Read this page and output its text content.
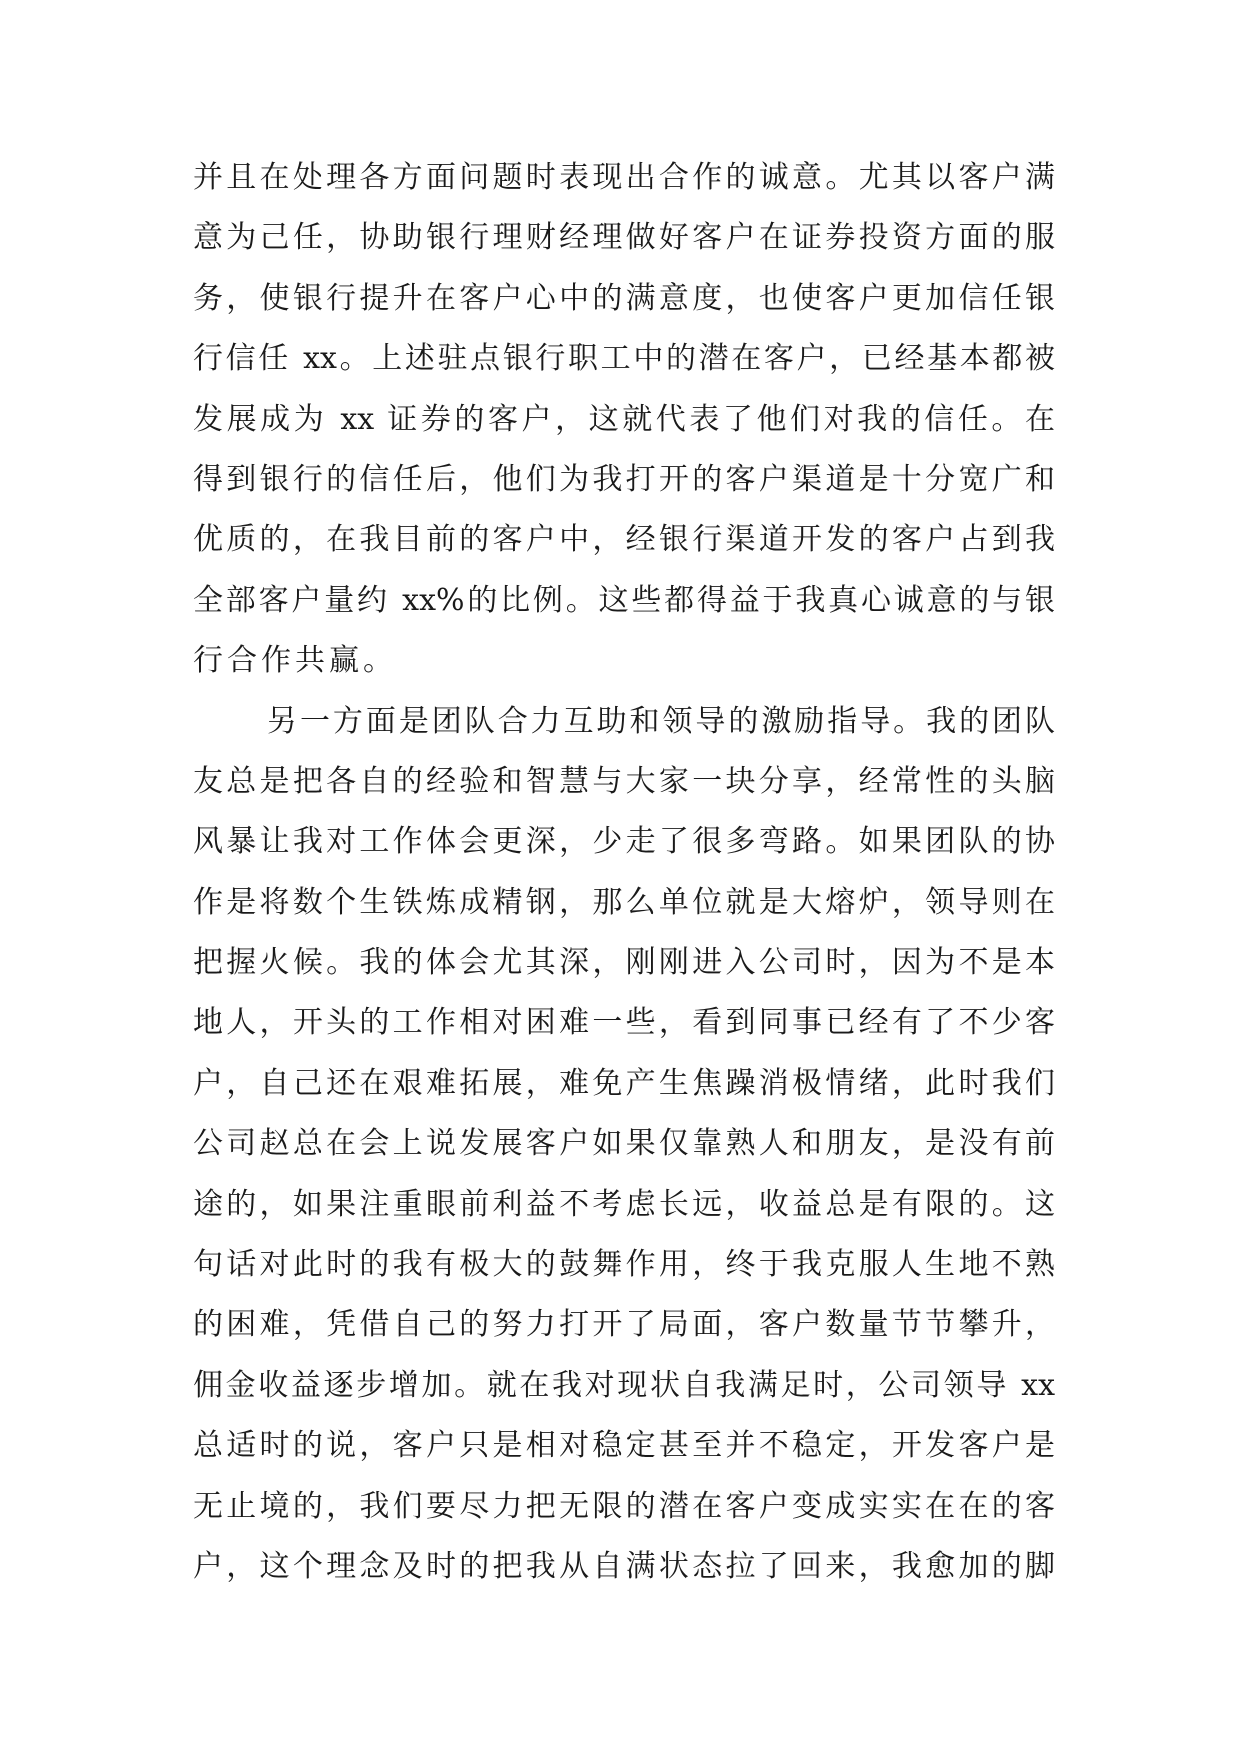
并且在处理各方面问题时表现出合作的诚意。尤其以客户满
意为己任，协助银行理财经理做好客户在证券投资方面的服
务，使银行提升在客户心中的满意度，也使客户更加信任银
行信任 xx。上述驻点银行职工中的潜在客户，已经基本都被
发展成为 xx 证券的客户，这就代表了他们对我的信任。在
得到银行的信任后，他们为我打开的客户渠道是十分宽广和
优质的，在我目前的客户中，经银行渠道开发的客户占到我
全部客户量约 xx%的比例。这些都得益于我真心诚意的与银
行合作共赢。
另一方面是团队合力互助和领导的激励指导。我的团队
友总是把各自的经验和智慧与大家一块分享，经常性的头脑
风暴让我对工作体会更深，少走了很多弯路。如果团队的协
作是将数个生铁炼成精钢，那么单位就是大熔炉，领导则在
把握火候。我的体会尤其深，刚刚进入公司时，因为不是本
地人，开头的工作相对困难一些，看到同事已经有了不少客
户，自己还在艰难拓展，难免产生焦躁消极情绪，此时我们
公司赵总在会上说发展客户如果仅靠熟人和朋友，是没有前
途的，如果注重眼前利益不考虑长远，收益总是有限的。这
句话对此时的我有极大的鼓舞作用，终于我克服人生地不熟
的困难，凭借自己的努力打开了局面，客户数量节节攀升，
佣金收益逐步增加。就在我对现状自我满足时，公司领导 xx
总适时的说，客户只是相对稳定甚至并不稳定，开发客户是
无止境的，我们要尽力把无限的潜在客户变成实实在在的客
户，这个理念及时的把我从自满状态拉了回来，我愈加的脚
